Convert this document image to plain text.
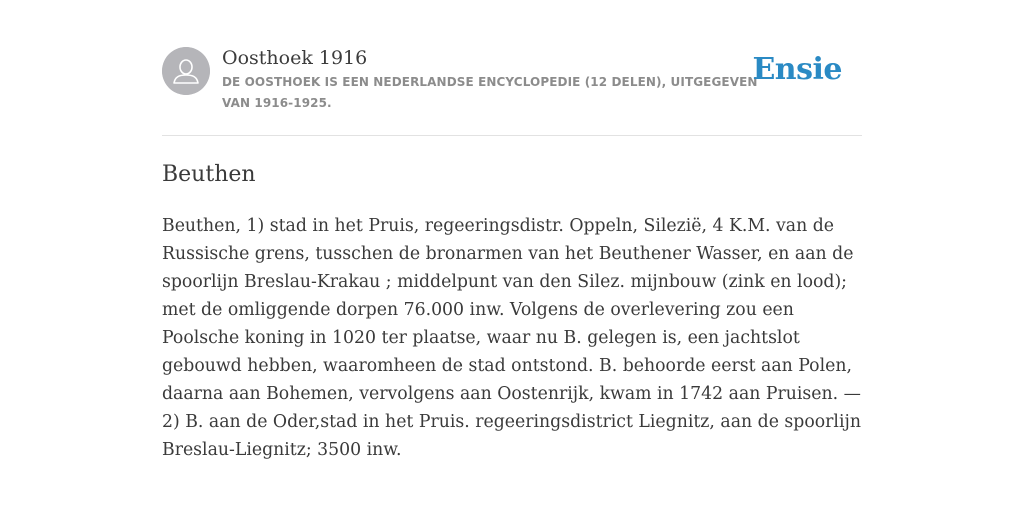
Oosthoek 1916
DE OOSTHOEK IS EEN NEDERLANDSE ENCYCLOPEDIE (12 DELEN), UITGEGEVEN VAN 1916-1925.
Ensie
Beuthen

Beuthen, 1) stad in het Pruis, regeeringsdistr. Oppeln, Silezië, 4 K.M. van de Russische grens, tusschen de bronarmen van het Beuthener Wasser, en aan de spoorlijn Breslau-Krakau ; middelpunt van den Silez. mijnbouw (zink en lood); met de omliggende dorpen 76.000 inw. Volgens de overlevering zou een Poolsche koning in 1020 ter plaatse, waar nu B. gelegen is, een jachtslot gebouwd hebben, waaromheen de stad ontstond. B. behoorde eerst aan Polen, daarna aan Bohemen, vervolgens aan Oostenrijk, kwam in 1742 aan Pruisen. — 2) B. aan de Oder,stad in het Pruis. regeeringsdistrict Liegnitz, aan de spoorlijn Breslau-Liegnitz; 3500 inw.
